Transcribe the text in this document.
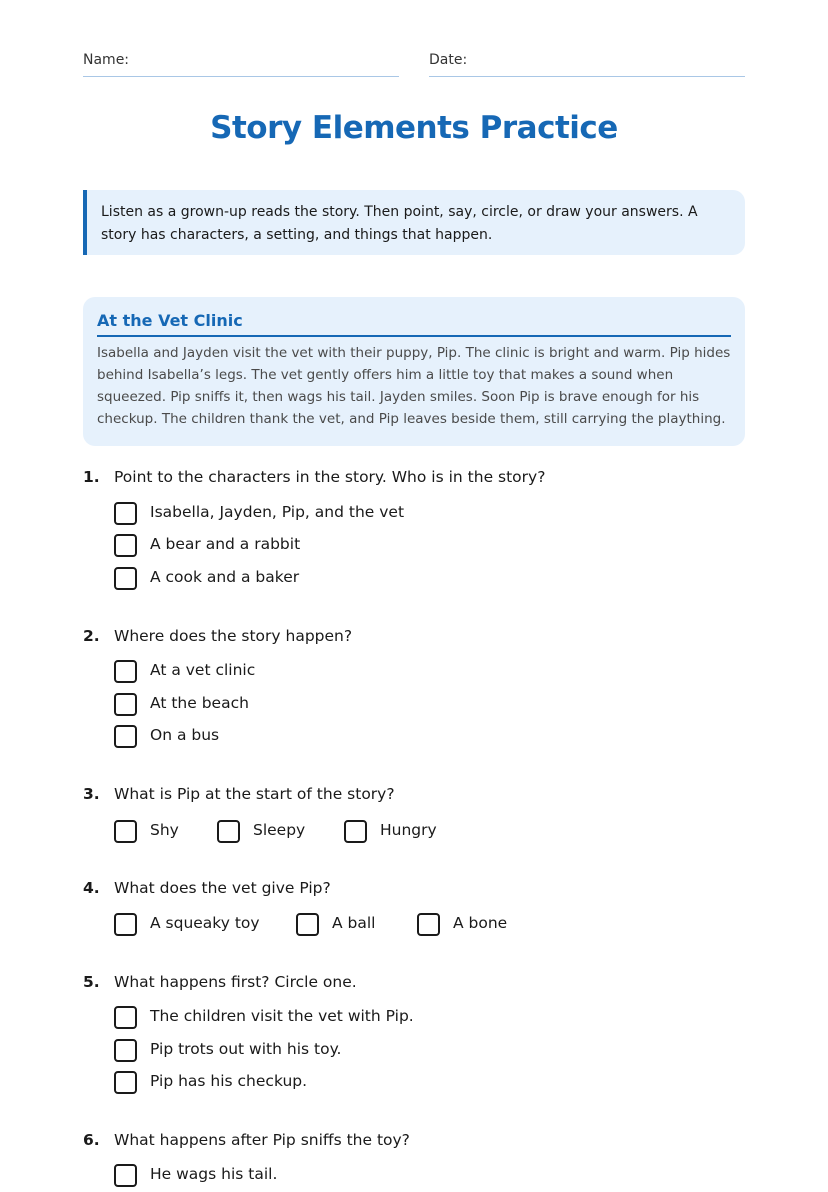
Name:	Date:
Story Elements Practice
Listen as a grown-up reads the story. Then point, say, circle, or draw your answers. A story has characters, a setting, and things that happen.
At the Vet Clinic
Isabella and Jayden visit the vet with their puppy, Pip. The clinic is bright and warm. Pip hides behind Isabella’s legs. The vet gently offers him a little toy that makes a sound when squeezed. Pip sniffs it, then wags his tail. Jayden smiles. Soon Pip is brave enough for his checkup. The children thank the vet, and Pip leaves beside them, still carrying the plaything.
1. Point to the characters in the story. Who is in the story?
Isabella, Jayden, Pip, and the vet
A bear and a rabbit
A cook and a baker
2. Where does the story happen?
At a vet clinic
At the beach
On a bus
3. What is Pip at the start of the story?
Shy	Sleepy	Hungry
4. What does the vet give Pip?
A squeaky toy	A ball	A bone
5. What happens first? Circle one.
The children visit the vet with Pip.
Pip trots out with his toy.
Pip has his checkup.
6. What happens after Pip sniffs the toy?
He wags his tail.
